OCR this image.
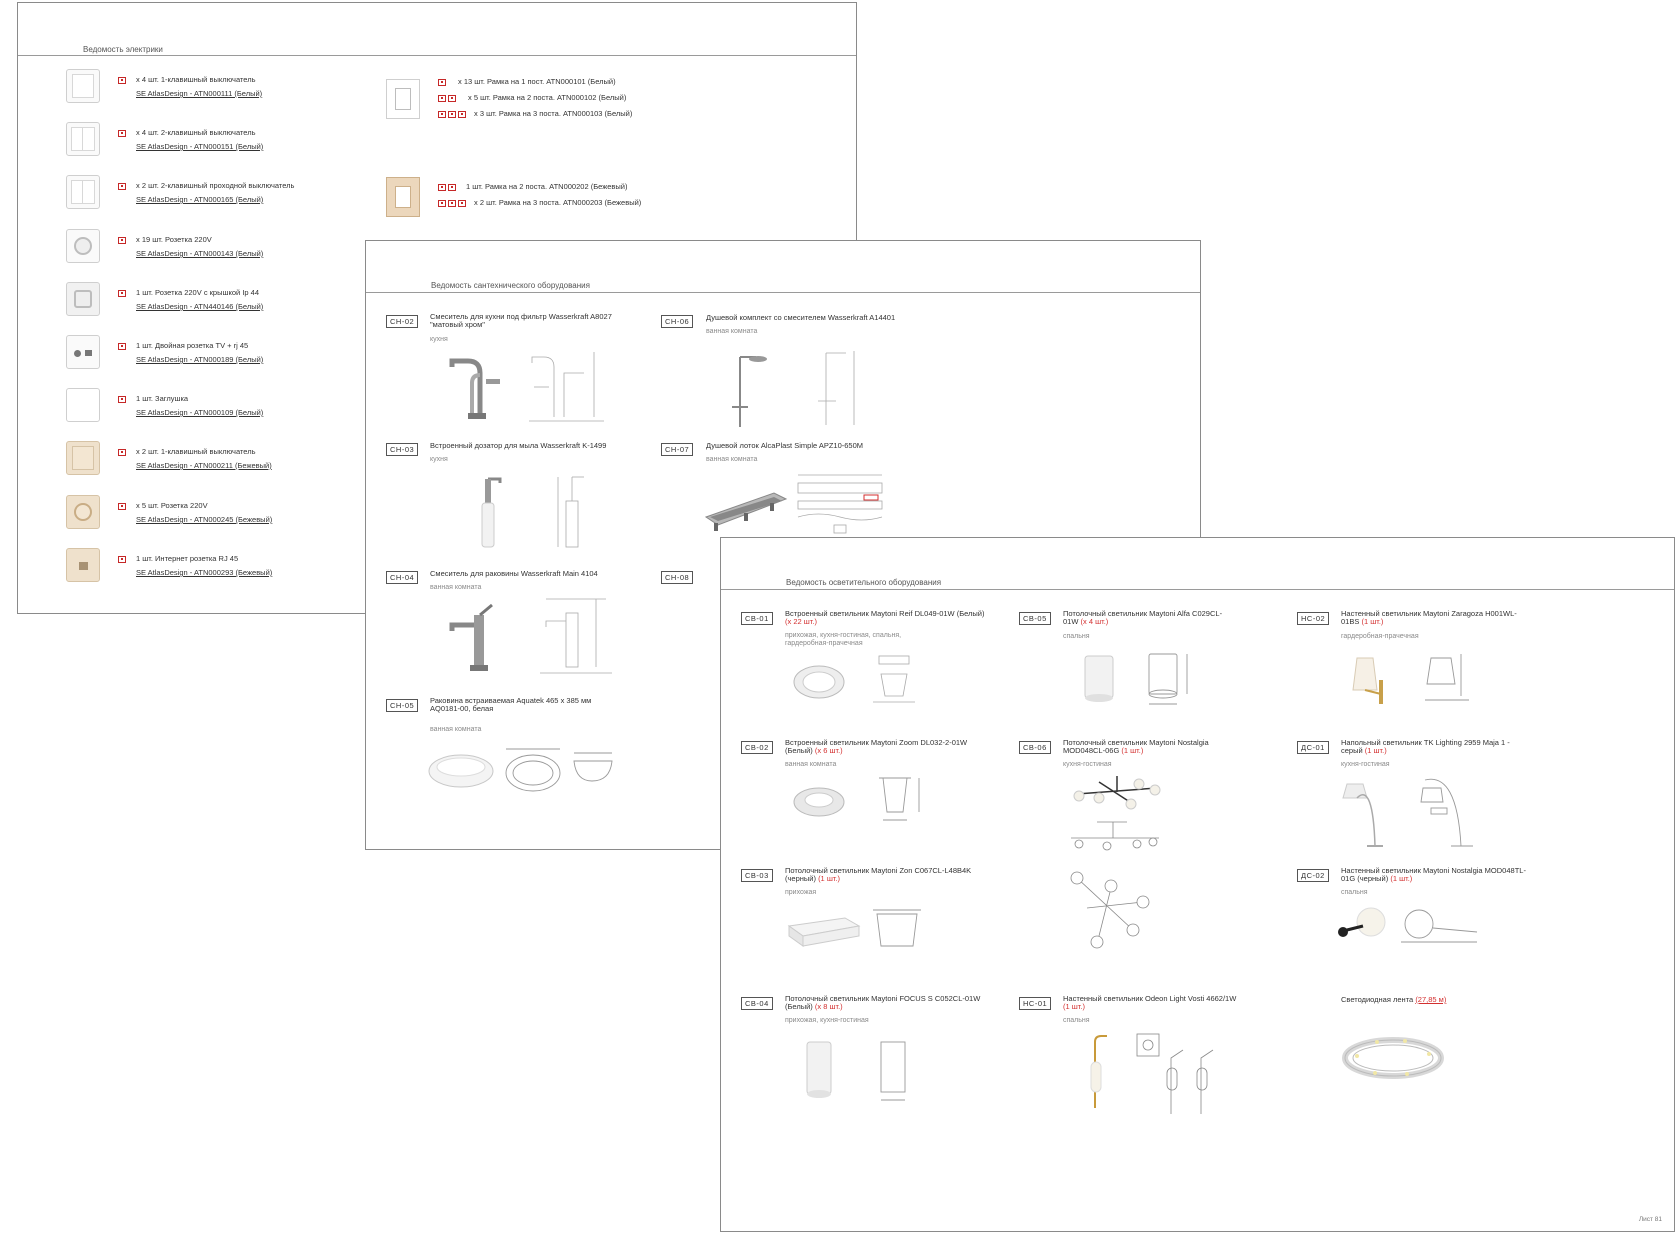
Ведомость электрики
x 4 шт. 1-клавишный выключатель
SE AtlasDesign - ATN000111 (Белый)
x 4 шт. 2-клавишный выключатель
SE AtlasDesign - ATN000151 (Белый)
x 2 шт. 2-клавишный проходной выключатель
SE AtlasDesign - ATN000165 (Белый)
x 19 шт. Розетка 220V
SE AtlasDesign - ATN000143 (Белый)
1 шт. Розетка 220V с крышкой Ip 44
SE AtlasDesign - ATN440146 (Белый)
1 шт. Двойная розетка TV + rj 45
SE AtlasDesign - ATN000189 (Белый)
1 шт. Заглушка
SE AtlasDesign - ATN000109 (Белый)
x 2 шт. 1-клавишный выключатель
SE AtlasDesign - ATN000211 (Бежевый)
x 5 шт. Розетка 220V
SE AtlasDesign - ATN000245 (Бежевый)
1 шт. Интернет розетка RJ 45
SE AtlasDesign - ATN000293 (Бежевый)
x 13 шт. Рамка на 1 пост. ATN000101 (Белый)
x 5 шт. Рамка на 2 поста. ATN000102 (Белый)
x 3 шт. Рамка на 3 поста. ATN000103 (Белый)
1 шт. Рамка на 2 поста. ATN000202 (Бежевый)
x 2 шт. Рамка на 3 поста. ATN000203 (Бежевый)
Ведомость сантехнического оборудования
СН-02
Смеситель для кухни под фильтр Wasserkraft A8027 "матовый хром"
кухня
СН-06	Душевой комплект со смесителем Wasserkraft A14401
ванная комната
СН-03	Встроенный дозатор для мыла Wasserkraft K-1499
кухня
СН-07	Душевой лоток AlcaPlast Simple APZ10-650M
ванная комната
СН-04	Смеситель для раковины Wasserkraft Main 4104
ванная комната
СН-08
СН-05
Раковина встраиваемая Aquatek 465 x 385 мм AQ0181-00, белая
ванная комната
Ведомость осветительного оборудования
СВ-01
Встроенный светильник Maytoni Reif DL049-01W (Белый) (x 22 шт.)
прихожая, кухня-гостиная, спальня, гардеробная-прачечная
СВ-05
Потолочный светильник Maytoni Alfa C029CL-01W (x 4 шт.)
спальня
НС-02
Настенный светильник Maytoni Zaragoza H001WL-01BS (1 шт.)
гардеробная-прачечная
СВ-02
Встроенный светильник Maytoni Zoom DL032-2-01W (Белый) (x 6 шт.)
ванная комната
СВ-06
Потолочный светильник Maytoni Nostalgia MOD048CL-06G (1 шт.)
кухня-гостиная
ДС-01
Напольный светильник TK Lighting 2959 Maja 1 - серый (1 шт.)
кухня-гостиная
СВ-03
Потолочный светильник Maytoni Zon C067CL-L48B4K (черный) (1 шт.)
прихожая
ДС-02
Настенный светильник Maytoni Nostalgia MOD048TL-01G (черный) (1 шт.)
спальня
СВ-04
Потолочный светильник Maytoni FOCUS S C052CL-01W (Белый) (x 8 шт.)
прихожая, кухня-гостиная
НС-01
Настенный светильник Odeon Light Vosti 4662/1W (1 шт.)
спальня
Светодиодная лента (27,85 м)
Лист 81
